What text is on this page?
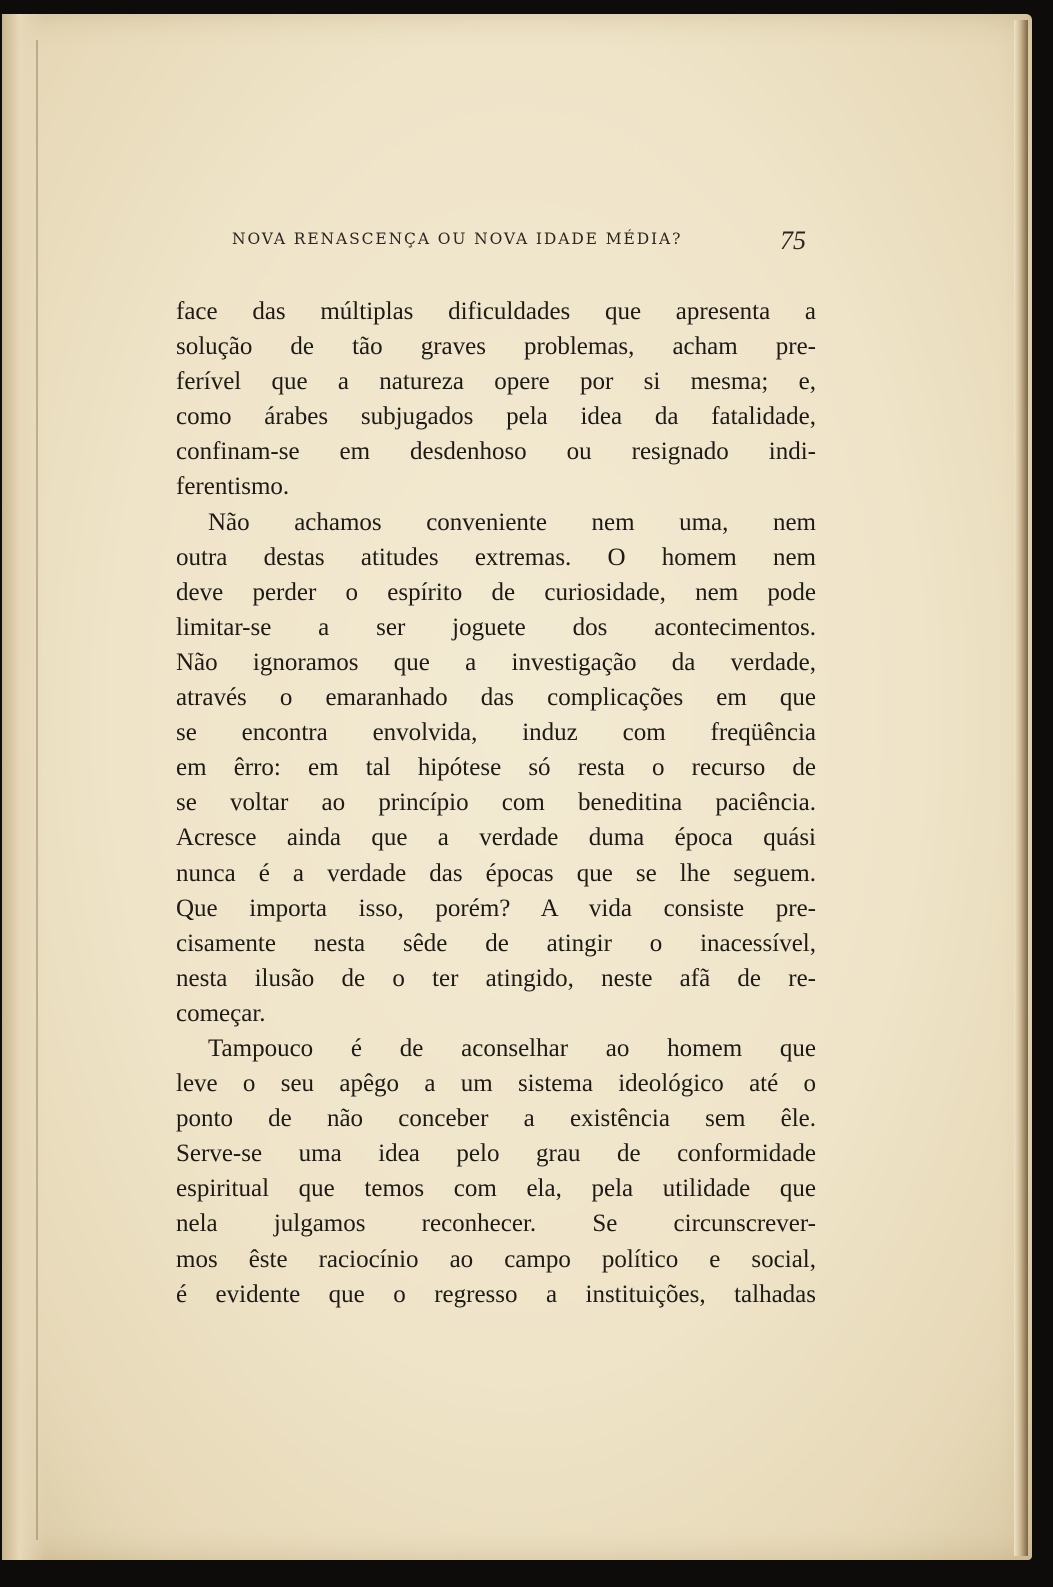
NOVA RENASCENÇA OU NOVA IDADE MÉDIA?	75
face das múltiplas dificuldades que apresenta a
solução de tão graves problemas, acham pre-
ferível que a natureza opere por si mesma; e,
como árabes subjugados pela idea da fatalidade,
confinam-se em desdenhoso ou resignado indi-
ferentismo.
Não achamos conveniente nem uma, nem
outra destas atitudes extremas. O homem nem
deve perder o espírito de curiosidade, nem pode
limitar-se a ser joguete dos acontecimentos.
Não ignoramos que a investigação da verdade,
através o emaranhado das complicações em que
se encontra envolvida, induz com freqüência
em êrro: em tal hipótese só resta o recurso de
se voltar ao princípio com beneditina paciência.
Acresce ainda que a verdade duma época quási
nunca é a verdade das épocas que se lhe seguem.
Que importa isso, porém? A vida consiste pre-
cisamente nesta sêde de atingir o inacessível,
nesta ilusão de o ter atingido, neste afã de re-
começar.
Tampouco é de aconselhar ao homem que
leve o seu apêgo a um sistema ideológico até o
ponto de não conceber a existência sem êle.
Serve-se uma idea pelo grau de conformidade
espiritual que temos com ela, pela utilidade que
nela julgamos reconhecer. Se circunscrever-
mos êste raciocínio ao campo político e social,
é evidente que o regresso a instituições, talhadas
